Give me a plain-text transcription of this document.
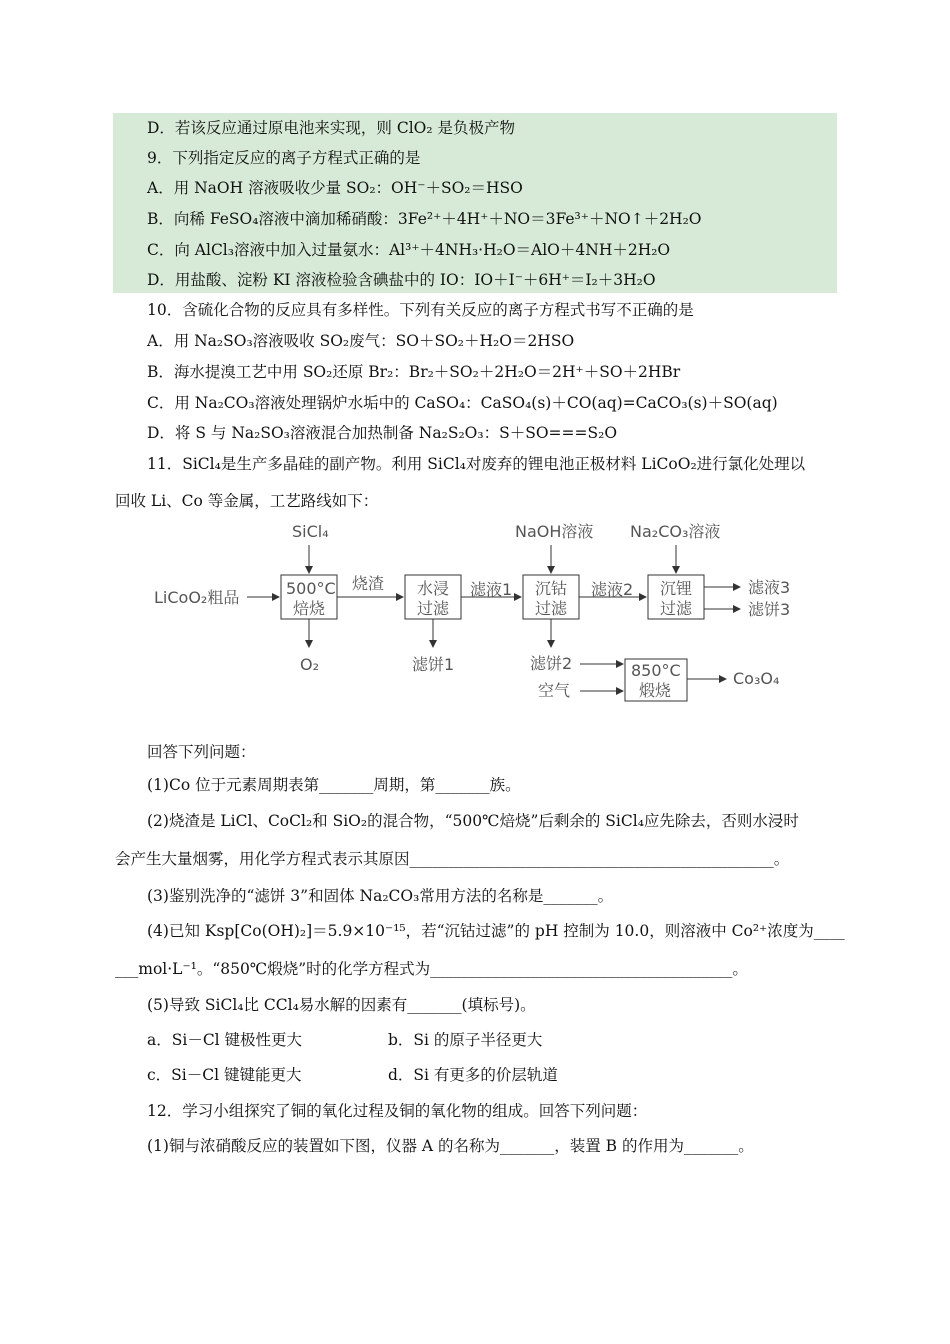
D．若该反应通过原电池来实现，则 ClO₂ 是负极产物
9．下列指定反应的离子方程式正确的是
A．用 NaOH 溶液吸收少量 SO₂：OH⁻＋SO₂＝HSO
B．向稀 FeSO₄溶液中滴加稀硝酸：3Fe²⁺＋4H⁺＋NO＝3Fe³⁺＋NO↑＋2H₂O
C．向 AlCl₃溶液中加入过量氨水：Al³⁺＋4NH₃·H₂O＝AlO＋4NH＋2H₂O
D．用盐酸、淀粉 KI 溶液检验含碘盐中的 IO：IO＋I⁻＋6H⁺＝I₂＋3H₂O
10．含硫化合物的反应具有多样性。下列有关反应的离子方程式书写不正确的是
A．用 Na₂SO₃溶液吸收 SO₂废气：SO＋SO₂＋H₂O＝2HSO
B．海水提溴工艺中用 SO₂还原 Br₂：Br₂＋SO₂＋2H₂O＝2H⁺＋SO＋2HBr
C．用 Na₂CO₃溶液处理锅炉水垢中的 CaSO₄：CaSO₄(s)＋CO(aq)=CaCO₃(s)＋SO(aq)
D．将 S 与 Na₂SO₃溶液混合加热制备 Na₂S₂O₃：S＋SO===S₂O
11．SiCl₄是生产多晶硅的副产物。利用 SiCl₄对废弃的锂电池正极材料 LiCoO₂进行氯化处理以
回收 Li、Co 等金属，工艺路线如下：
SiCl₄
LiCoO₂粗品	500°C
焙烧
O₂
烧渣 水浸
过滤
滤饼1
滤液1
NaOH溶液
沉钴
过滤
滤液2
Na₂CO₃溶液
沉锂
过滤
滤液3
滤饼3
滤饼2
空气
850°C
煅烧
Co₃O₄
回答下列问题：
(1)Co 位于元素周期表第_______周期，第_______族。
(2)烧渣是 LiCl、CoCl₂和 SiO₂的混合物，“500℃焙烧”后剩余的 SiCl₄应先除去，否则水浸时
会产生大量烟雾，用化学方程式表示其原因_______________________________________________。
(3)鉴别洗净的“滤饼 3”和固体 Na₂CO₃常用方法的名称是_______。
(4)已知 Ksp[Co(OH)₂]＝5.9×10⁻¹⁵，若“沉钴过滤”的 pH 控制为 10.0，则溶液中 Co²⁺浓度为____
___mol·L⁻¹。“850℃煅烧”时的化学方程式为_______________________________________。
(5)导致 SiCl₄比 CCl₄易水解的因素有_______(填标号)。
a．Si－Cl 键极性更大	b．Si 的原子半径更大
c．Si－Cl 键键能更大	d．Si 有更多的价层轨道
12．学习小组探究了铜的氧化过程及铜的氧化物的组成。回答下列问题：
(1)铜与浓硝酸反应的装置如下图，仪器 A 的名称为_______，装置 B 的作用为_______。
